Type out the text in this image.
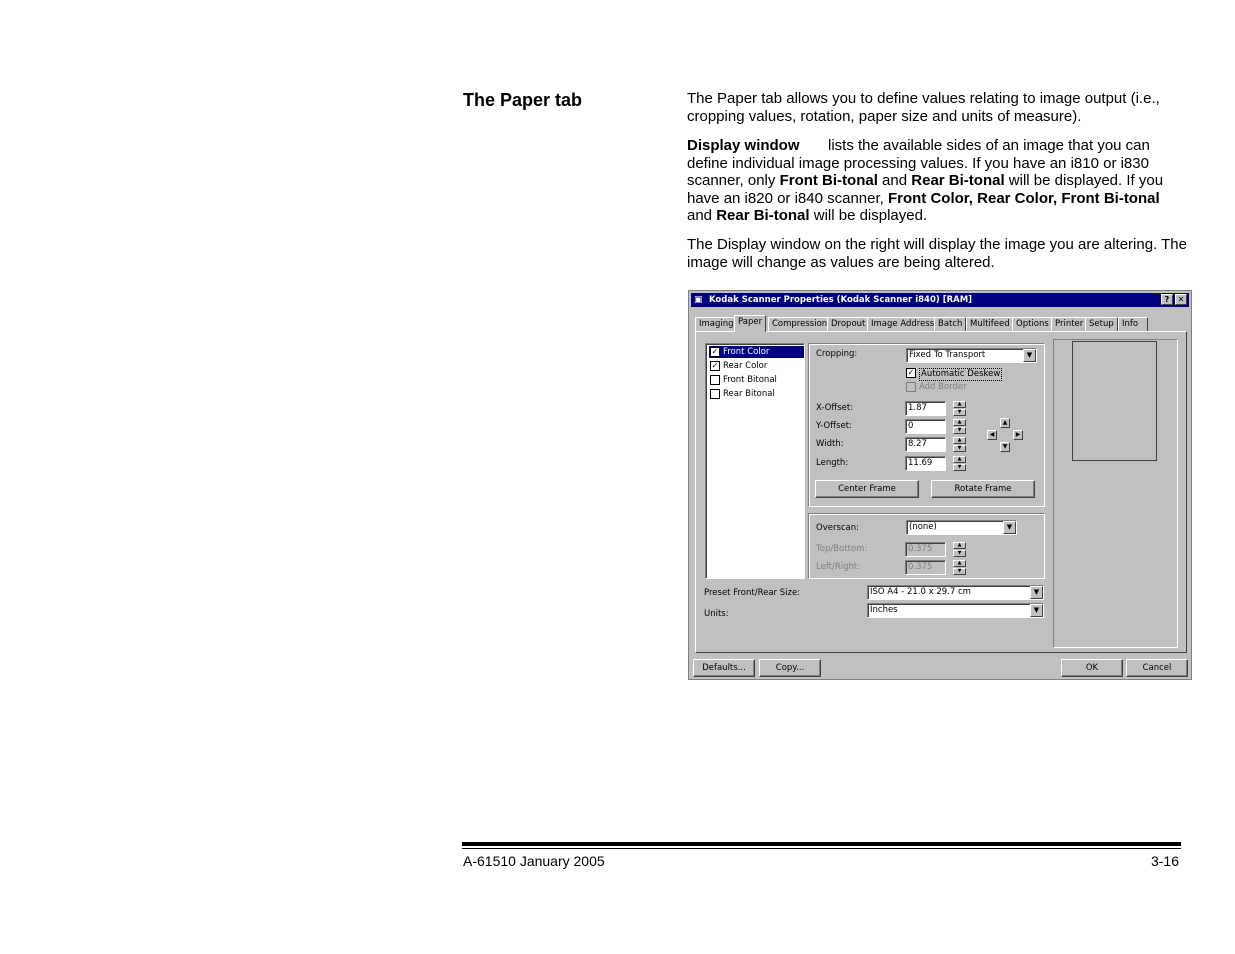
The Paper tab	The Paper tab allows you to define values relating to image output (i.e., cropping values, rotation, paper size and units of measure).
Display window lists the available sides of an image that you can define individual image processing values. If you have an i810 or i830 scanner, only Front Bi-tonal and Rear Bi-tonal will be displayed. If you have an i820 or i840 scanner, Front Color, Rear Color, Front Bi-tonal and Rear Bi-tonal will be displayed.
The Display window on the right will display the image you are altering. The image will change as values are being altered.
▣ Kodak Scanner Properties (Kodak Scanner i840) [RAM]	?	✕
Imaging Paper	Compression Dropout Image Address Batch Multifeed Options Printer Setup Info
✓ Front Color
✓ Rear Color
Front Bitonal
Rear Bitonal
Cropping:	Fixed To Transport	▼
✓ Automatic Deskew
Add Border
X-Offset:	1.87	▲
▼
Y-Offset:	0	▲
▼
Width:	8.27	▲
▼
Length:	11.69	▲
▼
▲
◀	▶
▼
Center Frame	Rotate Frame
Overscan:	(none)	▼
Top/Bottom:	0.375	▲
▼
Left/Right:	0.375	▲
▼
Preset Front/Rear Size:	ISO A4 - 21.0 x 29.7 cm	▼
Units:	Inches	▼
Defaults...	Copy...	OK	Cancel
A-61510 January 2005	3-16
